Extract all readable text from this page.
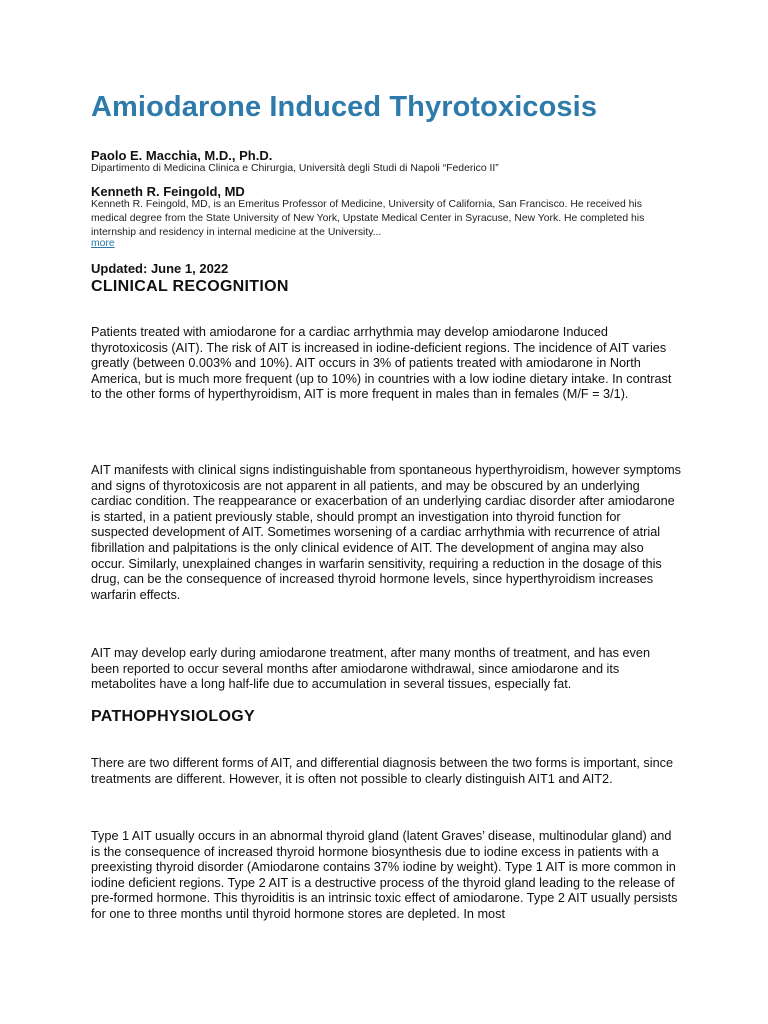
Amiodarone Induced Thyrotoxicosis
Paolo E. Macchia, M.D., Ph.D.
Dipartimento di Medicina Clinica e Chirurgia, Università degli Studi di Napoli “Federico II”
Kenneth R. Feingold, MD
Kenneth R. Feingold, MD, is an Emeritus Professor of Medicine, University of California, San Francisco. He received his medical degree from the State University of New York, Upstate Medical Center in Syracuse, New York. He completed his internship and residency in internal medicine at the University...
more
Updated: June 1, 2022
CLINICAL RECOGNITION

Patients treated with amiodarone for a cardiac arrhythmia may develop amiodarone Induced thyrotoxicosis (AIT). The risk of AIT is increased in iodine-deficient regions. The incidence of AIT varies greatly (between 0.003% and 10%). AIT occurs in 3% of patients treated with amiodarone in North America, but is much more frequent (up to 10%) in countries with a low iodine dietary intake. In contrast to the other forms of hyperthyroidism, AIT is more frequent in males than in females (M/F = 3/1).

AIT manifests with clinical signs indistinguishable from spontaneous hyperthyroidism, however symptoms and signs of thyrotoxicosis are not apparent in all patients, and may be obscured by an underlying cardiac condition. The reappearance or exacerbation of an underlying cardiac disorder after amiodarone is started, in a patient previously stable, should prompt an investigation into thyroid function for suspected development of AIT. Sometimes worsening of a cardiac arrhythmia with recurrence of atrial fibrillation and palpitations is the only clinical evidence of AIT. The development of angina may also occur. Similarly, unexplained changes in warfarin sensitivity, requiring a reduction in the dosage of this drug, can be the consequence of increased thyroid hormone levels, since hyperthyroidism increases warfarin effects.

AIT may develop early during amiodarone treatment, after many months of treatment, and has even been reported to occur several months after amiodarone withdrawal, since amiodarone and its metabolites have a long half-life due to accumulation in several tissues, especially fat.

PATHOPHYSIOLOGY

There are two different forms of AIT, and differential diagnosis between the two forms is important, since treatments are different. However, it is often not possible to clearly distinguish AIT1 and AIT2.

Type 1 AIT usually occurs in an abnormal thyroid gland (latent Graves’ disease, multinodular gland) and is the consequence of increased thyroid hormone biosynthesis due to iodine excess in patients with a preexisting thyroid disorder (Amiodarone contains 37% iodine by weight). Type 1 AIT is more common in iodine deficient regions. Type 2 AIT is a destructive process of the thyroid gland leading to the release of pre-formed hormone. This thyroiditis is an intrinsic toxic effect of amiodarone. Type 2 AIT usually persists for one to three months until thyroid hormone stores are depleted. In most
